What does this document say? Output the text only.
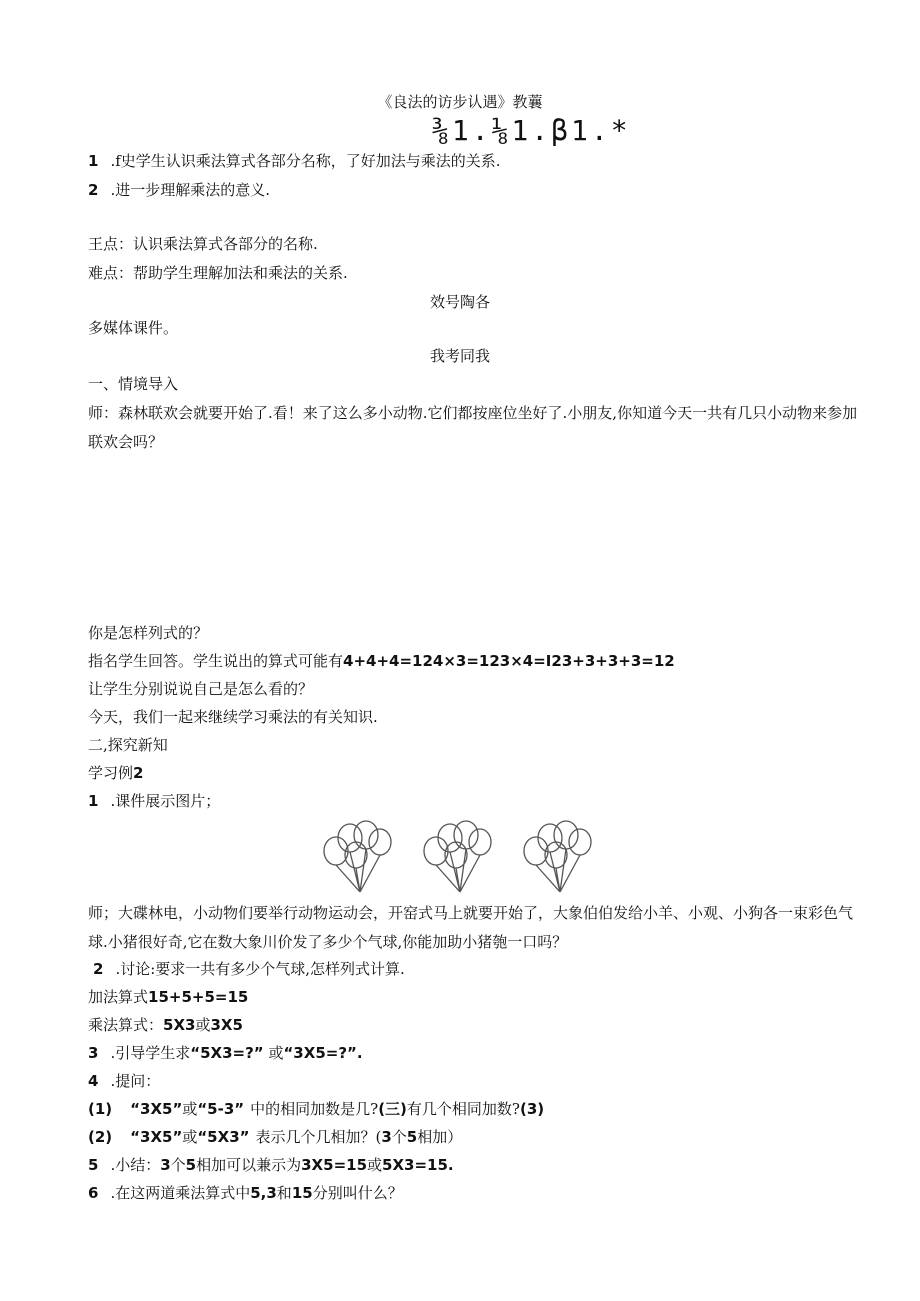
《良法的访步认遇》教蘘
⅜1.⅛1.β1.*
1 .f史学生认识乘法算式各部分名称，了好加法与乘法的关系.
2 .进一步理解乘法的意义.
王点：认识乘法算式各部分的名称.
难点：帮助学生理解加法和乘法的关系.
效号陶各
多媒体课件。
我考同我
一、情境导入
师：森林联欢会就要开始了.看！来了这么多小动物.它们都按座位坐好了.小朋友,你知道今天一共有几只小动物来参加联欢会吗？
你是怎样列式的？
指名学生回答。学生说出的算式可能有4+4+4=124×3=123×4=I23+3+3+3=12
让学生分别说说自己是怎么看的？
今天，我们一起来继续学习乘法的有关知识.
二,探究新知
学习例2
1 .课件展示图片；
师；大碟林电，小动物们要举行动物运动会，开窑式马上就要开始了，大象伯伯发给小羊、小观、小狗各一束彩色气球.小猪很好奇,它在数大象川价发了多少个气球,你能加助小猪匏一口吗？
2 .讨论:要求一共有多少个气球,怎样列式计算.
加法算式15+5+5=15
乘法算式：5X3或3X5
3 .引导学生求“5X3=?” 或“3X5=?”.
4 .提问：
(1) “3X5”或“5-3” 中的相同加数是几?(三)有几个相同加数?(3)
(2) “3X5”或“5X3” 表示几个几相加？(3个5相加）
5 .小结：3个5相加可以兼示为3X5=15或5X3=15.
6 .在这两道乘法算式中5,3和15分别叫什么？
